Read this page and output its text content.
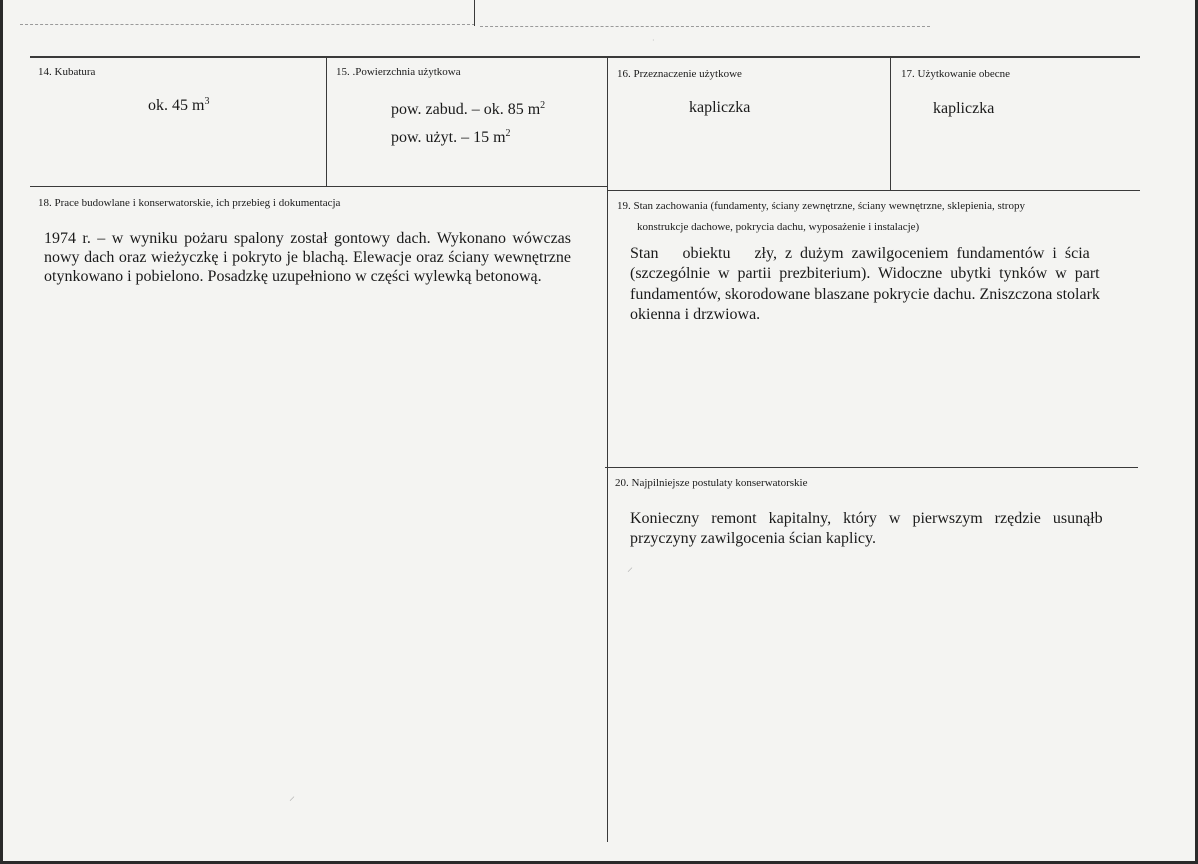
14. Kubatura
ok. 45 $m^3$
15. .Powierzchnia użytkowa
pow. zabud. – ok. 85 $m^2$
pow. użyt. – 15 $m^2$
16. Przeznaczenie użytkowe
kapliczka
17. Użytkowanie obecne
kapliczka
18. Prace budowlane i konserwatorskie, ich przebieg i dokumentacja
1974 r. – w wyniku pożaru spalony został gontowy dach. Wykonano wówczas nowy dach oraz wieżyczkę i pokryto je blachą. Elewacje oraz ściany wewnętrzne otynkowano i pobielono. Posadzkę uzupełniono w części wylewką betonową.
19. Stan zachowania (fundamenty, ściany zewnętrzne, ściany wewnętrzne, sklepienia, stropy
konstrukcje dachowe, pokrycia dachu, wyposażenie i instalacje)
Stan      obiektu      zły,  z  dużym  zawilgoceniem  fundamentów  i  ścia
(szczególnie  w  partii  prezbiterium).  Widoczne  ubytki  tynków  w  part
fundamentów, skorodowane blaszane pokrycie dachu. Zniszczona stolark
okienna i drzwiowa.
20. Najpilniejsze postulaty konserwatorskie
Konieczny   remont   kapitalny,   który   w   pierwszym   rzędzie   usunąłb
przyczyny zawilgocenia ścian kaplicy.
⸍
⸍
·
